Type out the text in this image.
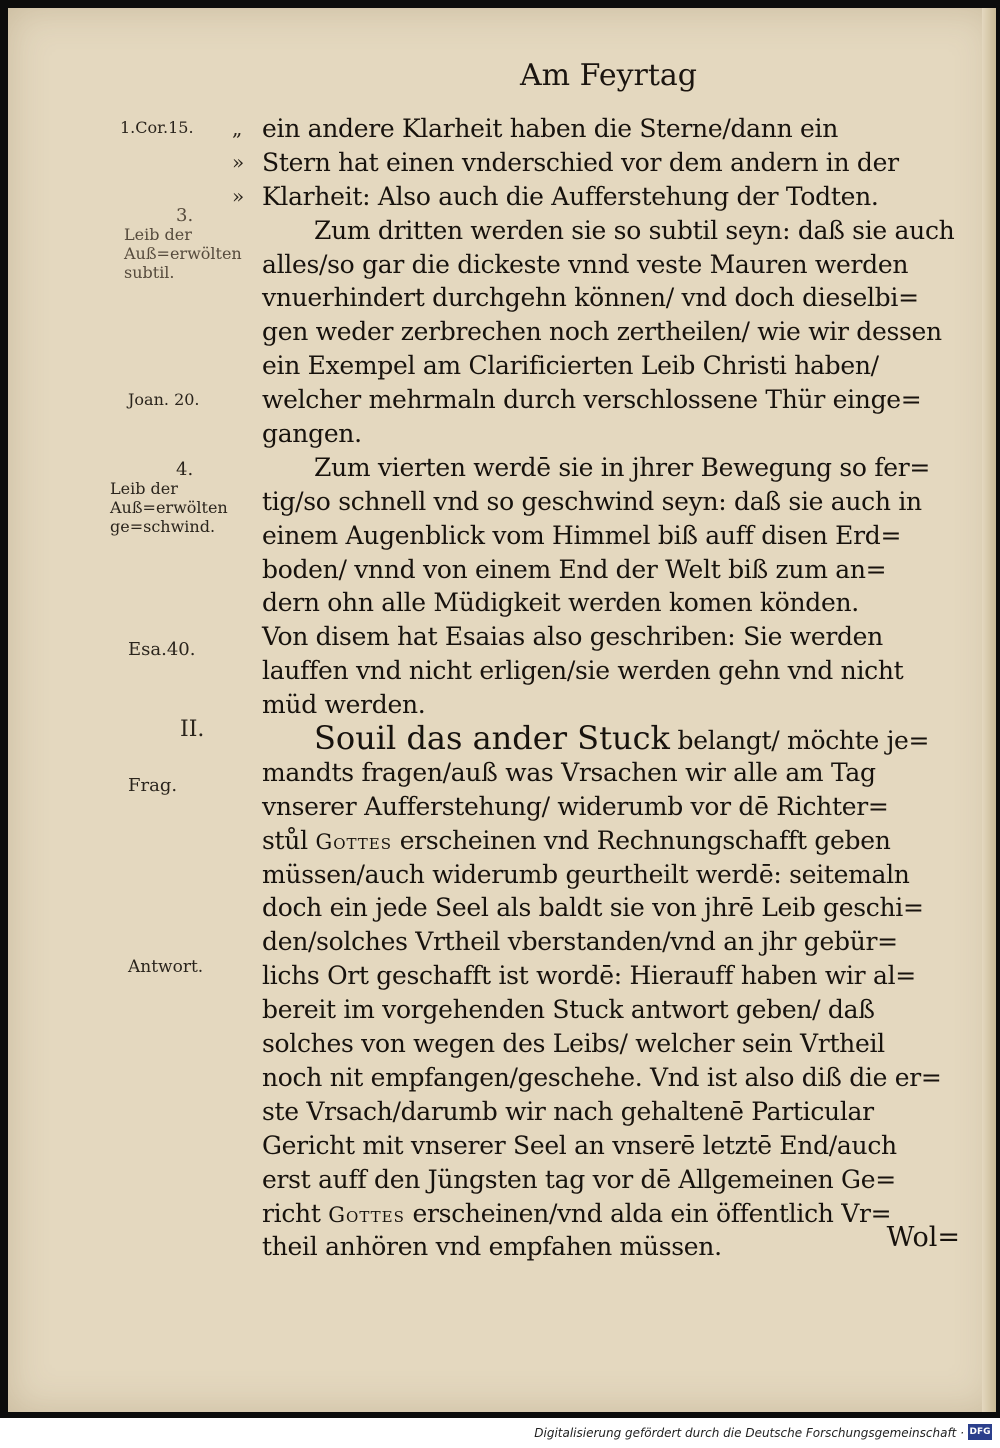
Am Feyrtag
1.Cor.15.
3.
Leib der Auß=erwölten subtil.
Joan. 20.
4.
Leib der Auß=erwölten ge=schwind.
Esa.40.
II.
Frag.
Antwort.
„
»
»
ein andere Klarheit haben die Sterne/dann ein
Stern hat einen vnderschied vor dem andern in der
Klarheit: Also auch die Aufferstehung der Todten.
Zum dritten werden sie so subtil seyn: daß sie auch
alles/so gar die dickeste vnnd veste Mauren werden
vnuerhindert durchgehn können/ vnd doch dieselbi=
gen weder zerbrechen noch zertheilen/ wie wir dessen
ein Exempel am Clarificierten Leib Christi haben/
welcher mehrmaln durch verschlossene Thür einge=
gangen.
Zum vierten werdē sie in jhrer Bewegung so fer=
tig/so schnell vnd so geschwind seyn: daß sie auch in
einem Augenblick vom Himmel biß auff disen Erd=
boden/ vnnd von einem End der Welt biß zum an=
dern ohn alle Müdigkeit werden komen könden.
Von disem hat Esaias also geschriben: Sie werden
lauffen vnd nicht erligen/sie werden gehn vnd nicht
müd werden.
Souil das ander Stuck belangt/ möchte je=
mandts fragen/auß was Vrsachen wir alle am Tag
vnserer Aufferstehung/ widerumb vor dē Richter=
stůl Gottes erscheinen vnd Rechnungschafft geben
müssen/auch widerumb geurtheilt werdē: seitemaln
doch ein jede Seel als baldt sie von jhrē Leib geschi=
den/solches Vrtheil vberstanden/vnd an jhr gebür=
lichs Ort geschafft ist wordē: Hierauff haben wir al=
bereit im vorgehenden Stuck antwort geben/ daß
solches von wegen des Leibs/ welcher sein Vrtheil
noch nit empfangen/geschehe. Vnd ist also diß die er=
ste Vrsach/darumb wir nach gehaltenē Particular
Gericht mit vnserer Seel an vnserē letztē End/auch
erst auff den Jüngsten tag vor dē Allgemeinen Ge=
richt Gottes erscheinen/vnd alda ein öffentlich Vr=
theil anhören vnd empfahen müssen.	Wol=
Digitalisierung gefördert durch die Deutsche Forschungsgemeinschaft · DFG
